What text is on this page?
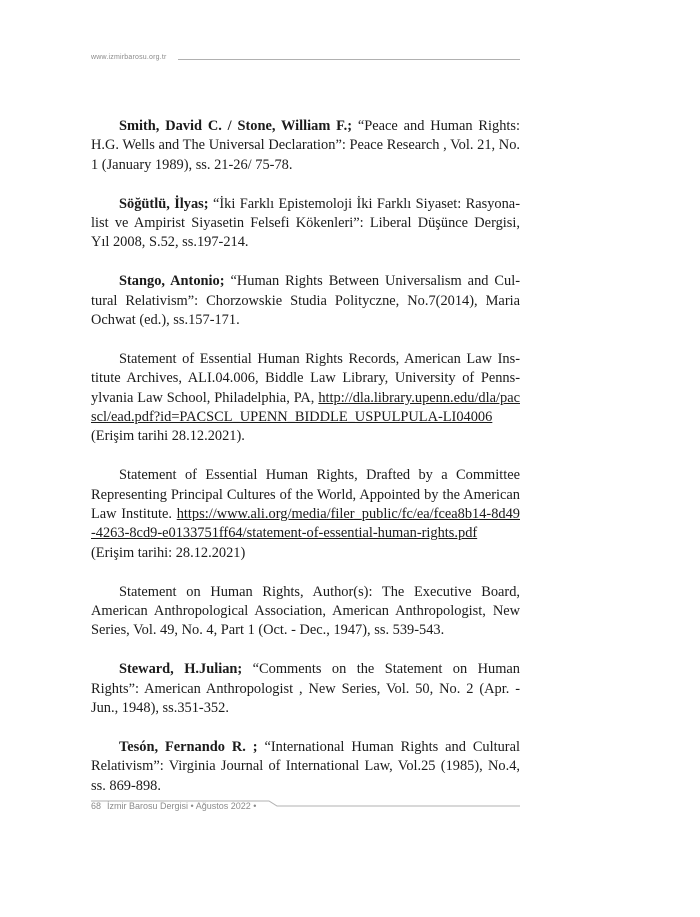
www.izmirbarosu.org.tr

Smith, David C. / Stone, William F.; “Peace and Human Rights: H.G. Wells and The Universal Declaration”: Peace Research , Vol. 21, No. 1 (January 1989), ss. 21-26/ 75-78.

Söğütlü, İlyas; “İki Farklı Epistemoloji İki Farklı Siyaset: Rasyonalist ve Ampirist Siyasetin Felsefi Kökenleri”: Liberal Düşünce Dergisi, Yıl 2008, S.52, ss.197-214.

Stango, Antonio; “Human Rights Between Universalism and Cultural Relativism”: Chorzowskie Studia Polityczne, No.7(2014), Maria Ochwat (ed.), ss.157-171.

Statement of Essential Human Rights Records, American Law Institute Archives, ALI.04.006, Biddle Law Library, University of Pennsylvania Law School, Philadelphia, PA, http://dla.library.upenn.edu/dla/pacscl/ead.pdf?id=PACSCL_UPENN_BIDDLE_USPULPULA-LI04006 (Erişim tarihi 28.12.2021).

Statement of Essential Human Rights, Drafted by a Committee Representing Principal Cultures of the World, Appointed by the American Law Institute. https://www.ali.org/media/filer_public/fc/ea/fcea8b14-8d49-4263-8cd9-e0133751ff64/statement-of-essential-human-rights.pdf (Erişim tarihi: 28.12.2021)

Statement on Human Rights, Author(s): The Executive Board, American Anthropological Association, American Anthropologist, New Series, Vol. 49, No. 4, Part 1 (Oct. - Dec., 1947), ss. 539-543.

Steward, H.Julian; “Comments on the Statement on Human Rights”: American Anthropologist , New Series, Vol. 50, No. 2 (Apr. - Jun., 1948), ss.351-352.

Tesón, Fernando R. ; “International Human Rights and Cultural Relativism”: Virginia Journal of International Law, Vol.25 (1985), No.4, ss. 869-898.

68 İzmir Barosu Dergisi • Ağustos 2022 •
